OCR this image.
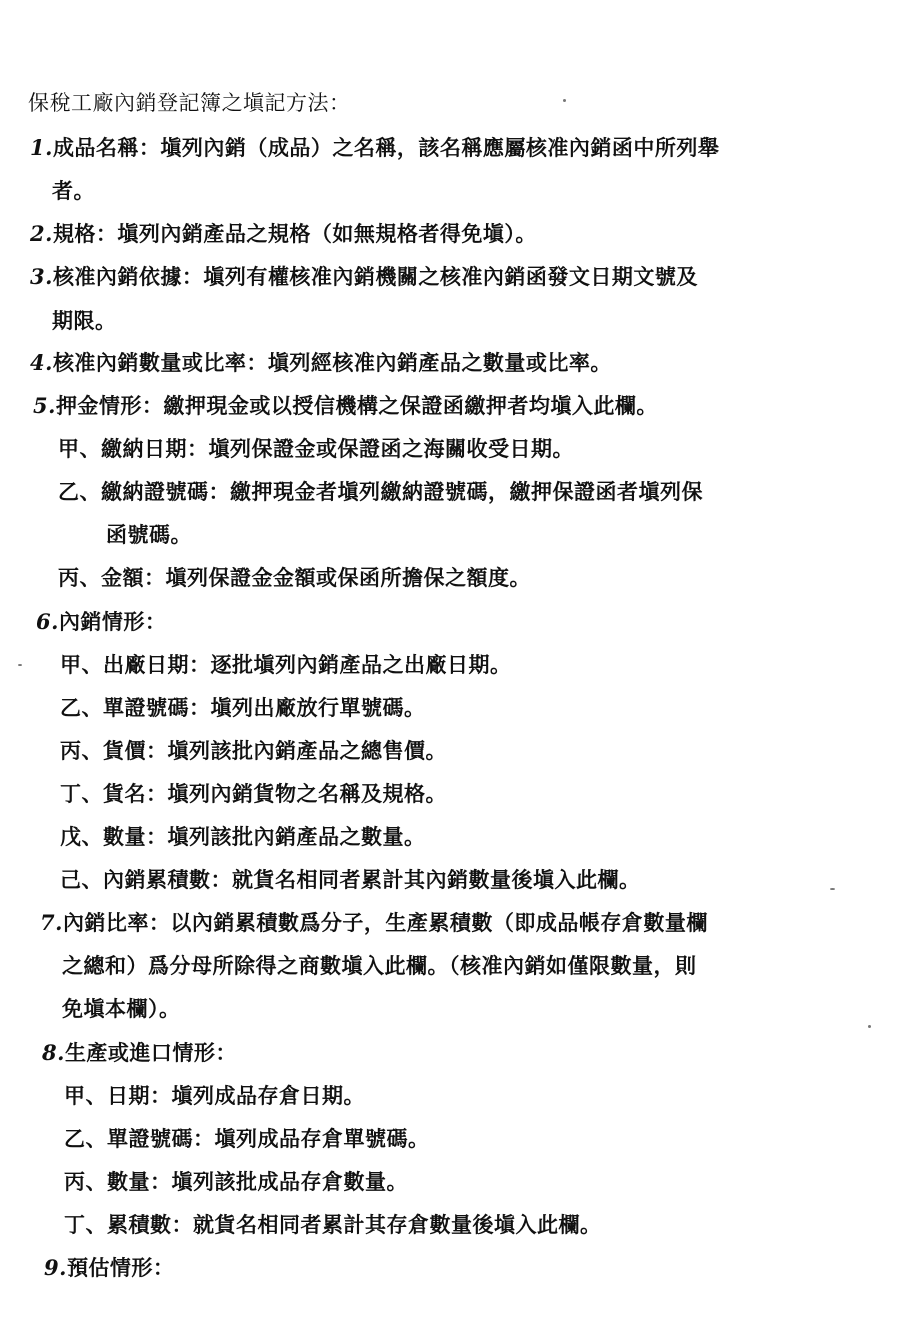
保稅工廠內銷登記簿之塡記方法：
1.成品名稱：塡列內銷（成品）之名稱，該名稱應屬核准內銷函中所列舉
者。
2.規格：塡列內銷產品之規格（如無規格者得免塡）。
3.核准內銷依據：塡列有權核准內銷機關之核准內銷函發文日期文號及
期限。
4.核准內銷數量或比率：塡列經核准內銷產品之數量或比率。
5.押金情形：繳押現金或以授信機構之保證函繳押者均塡入此欄。
甲、繳納日期：塡列保證金或保證函之海關收受日期。
乙、繳納證號碼：繳押現金者塡列繳納證號碼，繳押保證函者塡列保
函號碼。
丙、金額：塡列保證金金額或保函所擔保之額度。
6.內銷情形：
甲、出廠日期：逐批塡列內銷產品之出廠日期。
乙、單證號碼：塡列出廠放行單號碼。
丙、貨價：塡列該批內銷產品之總售價。
丁、貨名：塡列內銷貨物之名稱及規格。
戊、數量：塡列該批內銷產品之數量。
己、內銷累積數：就貨名相同者累計其內銷數量後塡入此欄。
7.內銷比率：以內銷累積數爲分子，生產累積數（即成品帳存倉數量欄
之總和）爲分母所除得之商數塡入此欄。（核准內銷如僅限數量，則
免塡本欄）。
8.生產或進口情形：
甲、日期：塡列成品存倉日期。
乙、單證號碼：塡列成品存倉單號碼。
丙、數量：塡列該批成品存倉數量。
丁、累積數：就貨名相同者累計其存倉數量後塡入此欄。
9.預估情形：
